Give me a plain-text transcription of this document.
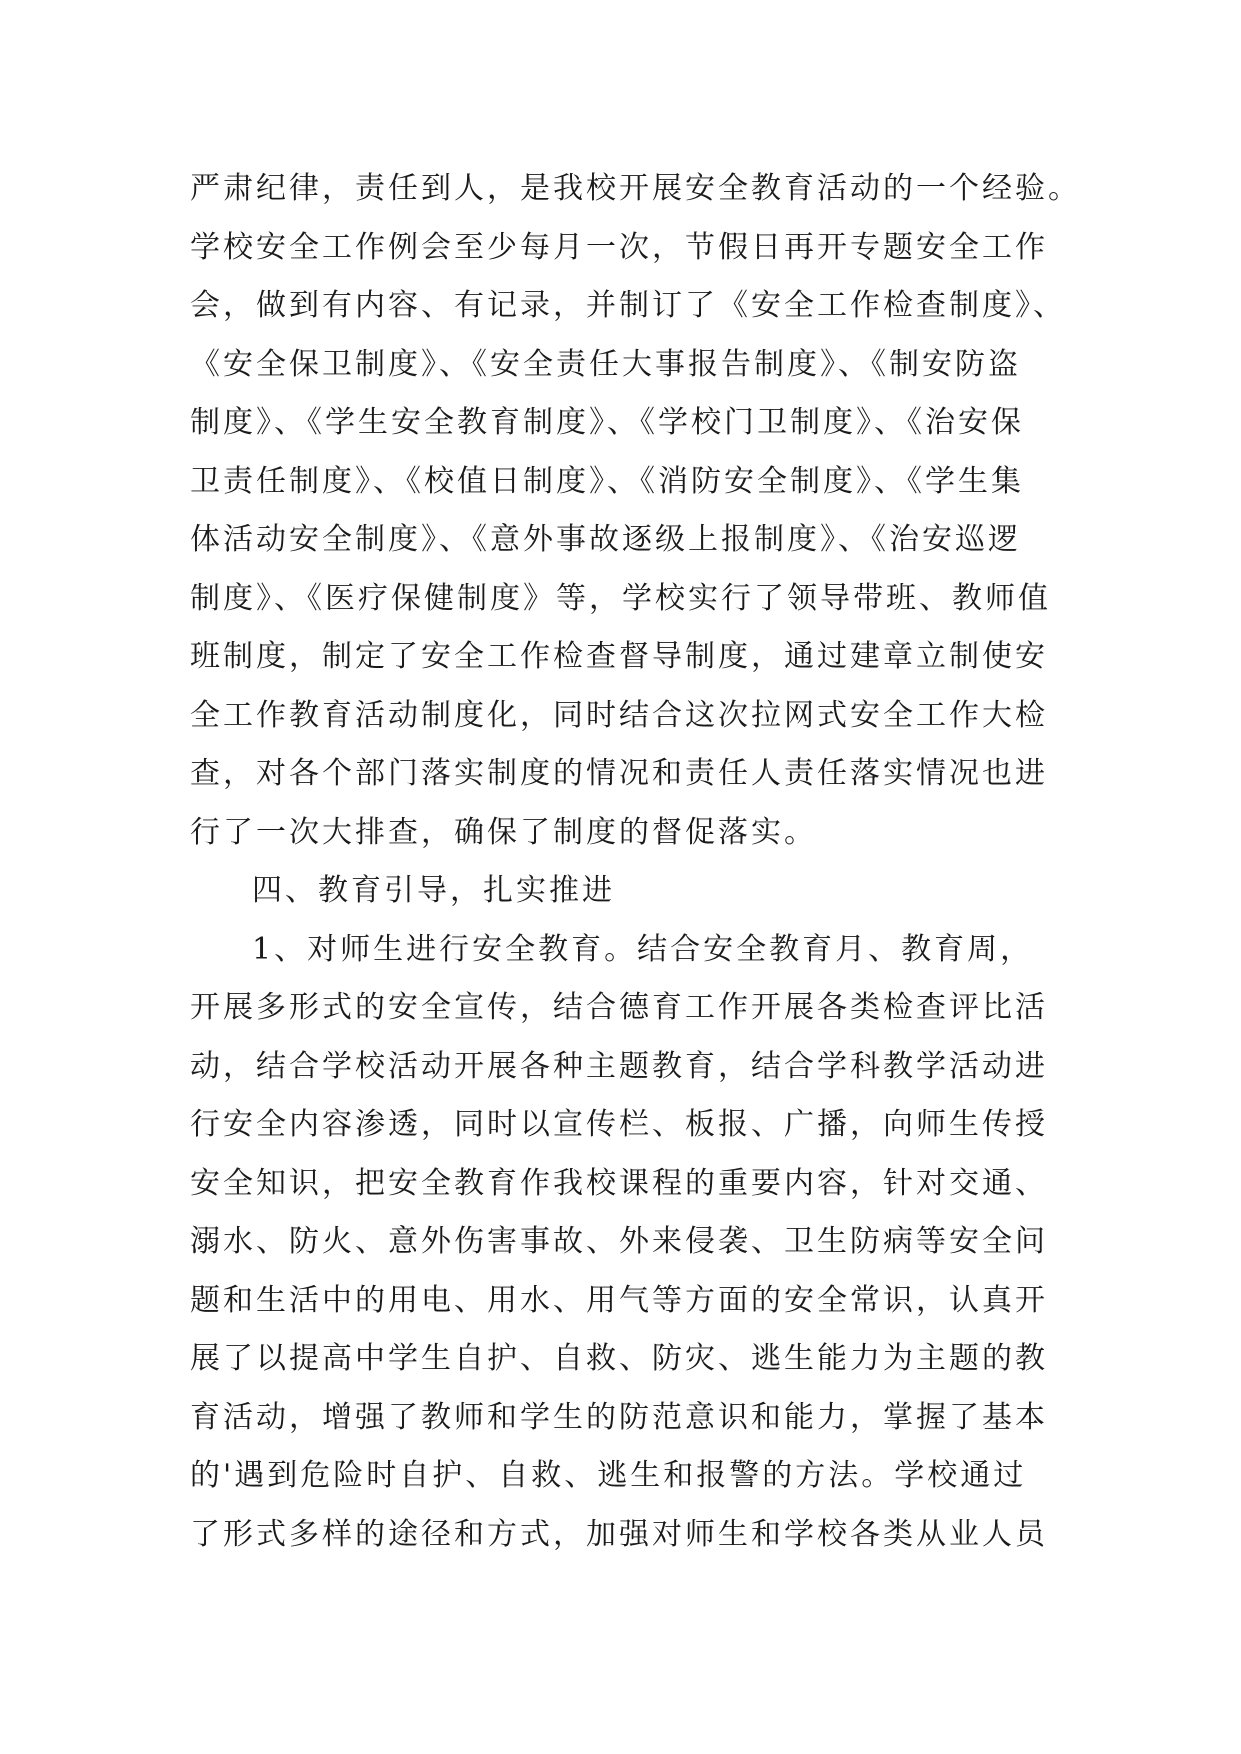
严肃纪律，责任到人，是我校开展安全教育活动的一个经验。
学校安全工作例会至少每月一次，节假日再开专题安全工作
会，做到有内容、有记录，并制订了《安全工作检查制度》、
《安全保卫制度》、《安全责任大事报告制度》、《制安防盗
制度》、《学生安全教育制度》、《学校门卫制度》、《治安保
卫责任制度》、《校值日制度》、《消防安全制度》、《学生集
体活动安全制度》、《意外事故逐级上报制度》、《治安巡逻
制度》、《医疗保健制度》等，学校实行了领导带班、教师值
班制度，制定了安全工作检查督导制度，通过建章立制使安
全工作教育活动制度化，同时结合这次拉网式安全工作大检
查，对各个部门落实制度的情况和责任人责任落实情况也进
行了一次大排查，确保了制度的督促落实。
四、教育引导，扎实推进
1、对师生进行安全教育。结合安全教育月、教育周，
开展多形式的安全宣传，结合德育工作开展各类检查评比活
动，结合学校活动开展各种主题教育，结合学科教学活动进
行安全内容渗透，同时以宣传栏、板报、广播，向师生传授
安全知识，把安全教育作我校课程的重要内容，针对交通、
溺水、防火、意外伤害事故、外来侵袭、卫生防病等安全问
题和生活中的用电、用水、用气等方面的安全常识，认真开
展了以提高中学生自护、自救、防灾、逃生能力为主题的教
育活动，增强了教师和学生的防范意识和能力，掌握了基本
的'遇到危险时自护、自救、逃生和报警的方法。学校通过
了形式多样的途径和方式，加强对师生和学校各类从业人员
